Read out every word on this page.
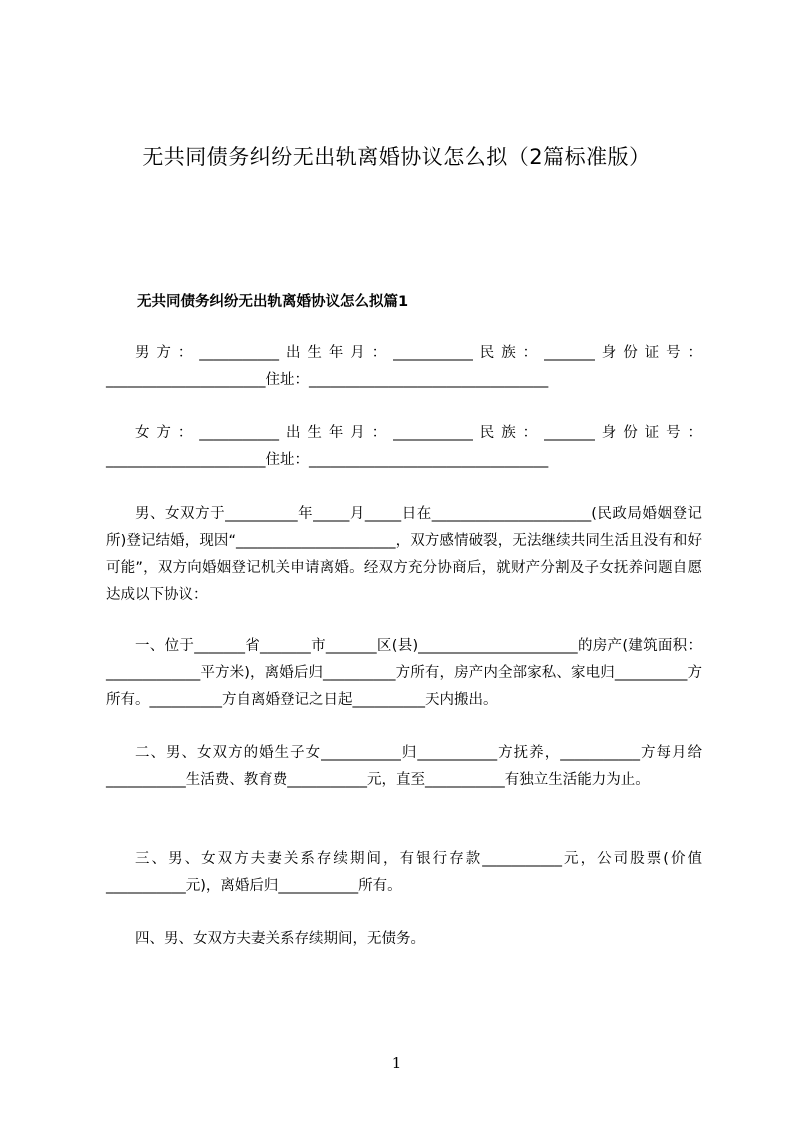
无共同债务纠纷无出轨离婚协议怎么拟（2篇标准版）
无共同债务纠纷无出轨离婚协议怎么拟篇1

男方：___________出生年月：___________民族：_______身份证号：______________________住址：_________________________________

女方：___________出生年月：___________民族：_______身份证号：______________________住址：_________________________________

男、女双方于__________年_____月_____日在______________________(民政局婚姻登记所)登记结婚，现因“______________________，双方感情破裂，无法继续共同生活且没有和好可能”，双方向婚姻登记机关申请离婚。经双方充分协商后，就财产分割及子女抚养问题自愿达成以下协议：

一、位于_______省_______市_______区(县)______________________的房产(建筑面积：_____________平方米)，离婚后归__________方所有，房产内全部家私、家电归__________方所有。__________方自离婚登记之日起__________天内搬出。

二、男、女双方的婚生子女___________归___________方抚养，___________方每月给___________生活费、教育费___________元，直至___________有独立生活能力为止。

三、男、女双方夫妻关系存续期间，有银行存款___________元，公司股票(价值___________元)，离婚后归___________所有。

四、男、女双方夫妻关系存续期间，无债务。

1
